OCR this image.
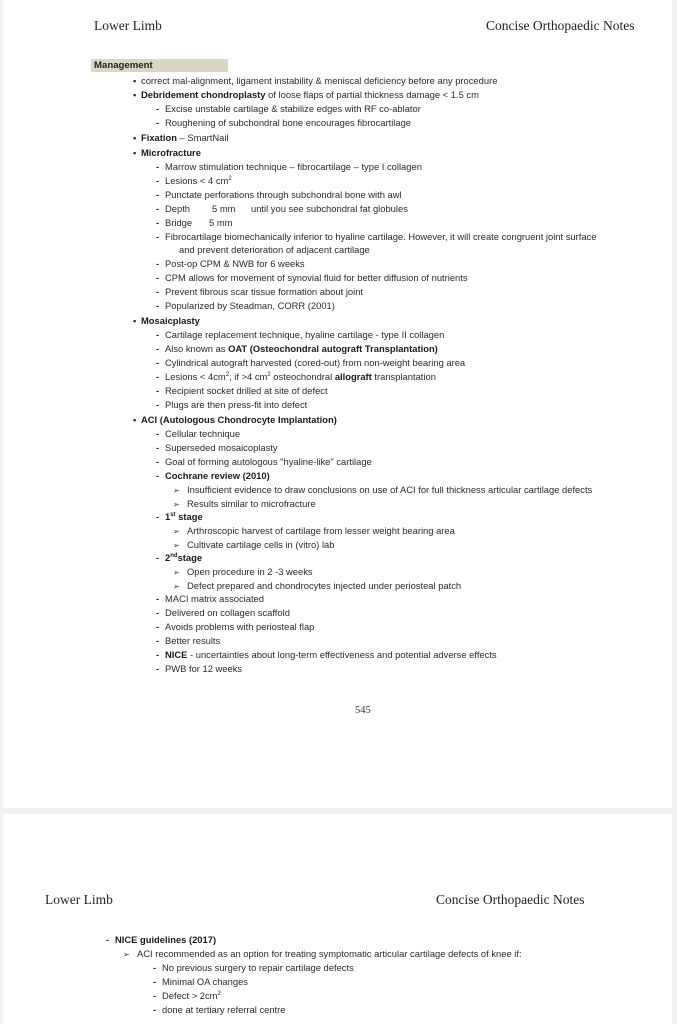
Lower Limb	Concise Orthopaedic Notes
Management
• correct mal-alignment, ligament instability & meniscal deficiency before any procedure
• Debridement chondroplasty of loose flaps of partial thickness damage < 1.5 cm
- Excise unstable cartilage & stabilize edges with RF co-ablator
- Roughening of subchondral bone encourages fibrocartilage
• Fixation – SmartNail
• Microfracture
- Marrow stimulation technique – fibrocartilage – type I collagen
- Lesions < 4 $cm^2$
- Punctate perforations through subchondral bone with awl
- Depth 5 mm until you see subchondral fat globules
- Bridge 5 mm
- Fibrocartilage biomechanically inferior to hyaline cartilage. However, it will create congruent joint surface
and prevent deterioration of adjacent cartilage
- Post-op CPM & NWB for 6 weeks
- CPM allows for movement of synovial fluid for better diffusion of nutrients
- Prevent fibrous scar tissue formation about joint
- Popularized by Steadman, CORR (2001)
• Mosaicplasty
- Cartilage replacement technique, hyaline cartilage - type II collagen
- Also known as OAT (Osteochondral autograft Transplantation)
- Cylindrical autograft harvested (cored-out) from non-weight bearing area
- Lesions < $4cm^2$, if >4 $cm^2$ osteochondral allograft transplantation
- Recipient socket drilled at site of defect
- Plugs are then press-fit into defect
• ACI (Autologous Chondrocyte Implantation)
- Cellular technique
- Superseded mosaicoplasty
- Goal of forming autologous "hyaline-like" cartilage
- Cochrane review (2010)
➢ Insufficient evidence to draw conclusions on use of ACI for full thickness articular cartilage defects
➢ Results similar to microfracture
- 1st stage
➢ Arthroscopic harvest of cartilage from lesser weight bearing area
➢ Cultivate cartilage cells in (vitro) lab
- 2ndstage
➢ Open procedure in 2 -3 weeks
➢ Defect prepared and chondrocytes injected under periosteal patch
- MACI matrix associated
- Delivered on collagen scaffold
- Avoids problems with periosteal flap
- Better results
- NICE - uncertainties about long-term effectiveness and potential adverse effects
- PWB for 12 weeks
545
Lower Limb	Concise Orthopaedic Notes
- NICE guidelines (2017)
➢ ACI recommended as an option for treating symptomatic articular cartilage defects of knee if:
- No previous surgery to repair cartilage defects
- Minimal OA changes
- Defect > $2cm^2$
- done at tertiary referral centre
